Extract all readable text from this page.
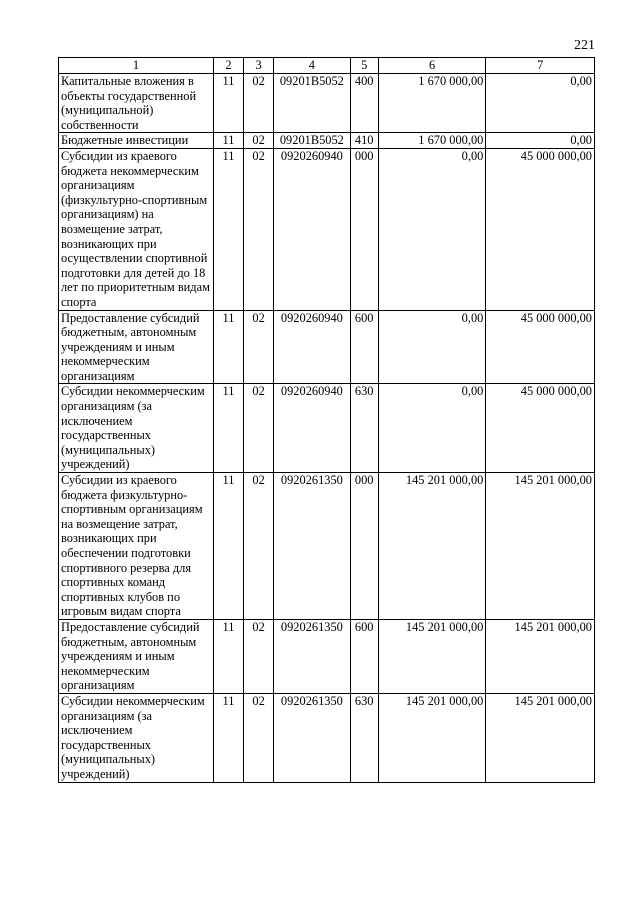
221
1	2	3	4	5	6	7
Капитальные вложения в объекты государственной (муниципальной) собственности	11	02	09201В5052	400	1 670 000,00	0,00
Бюджетные инвестиции	11	02	09201В5052	410	1 670 000,00	0,00
Субсидии из краевого бюджета некоммерческим организациям (физкультурно-спортивным организациям) на возмещение затрат, возникающих при осуществлении спортивной подготовки для детей до 18 лет по приоритетным видам спорта	11	02	0920260940	000	0,00	45 000 000,00
Предоставление субсидий бюджетным, автономным учреждениям и иным некоммерческим организациям	11	02	0920260940	600	0,00	45 000 000,00
Субсидии некоммерческим организациям (за исключением государственных (муниципальных) учреждений)	11	02	0920260940	630	0,00	45 000 000,00
Субсидии из краевого бюджета физкультурно-спортивным организациям на возмещение затрат, возникающих при обеспечении подготовки спортивного резерва для спортивных команд спортивных клубов по игровым видам спорта	11	02	0920261350	000	145 201 000,00	145 201 000,00
Предоставление субсидий бюджетным, автономным учреждениям и иным некоммерческим организациям	11	02	0920261350	600	145 201 000,00	145 201 000,00
Субсидии некоммерческим организациям (за исключением государственных (муниципальных) учреждений)	11	02	0920261350	630	145 201 000,00	145 201 000,00
